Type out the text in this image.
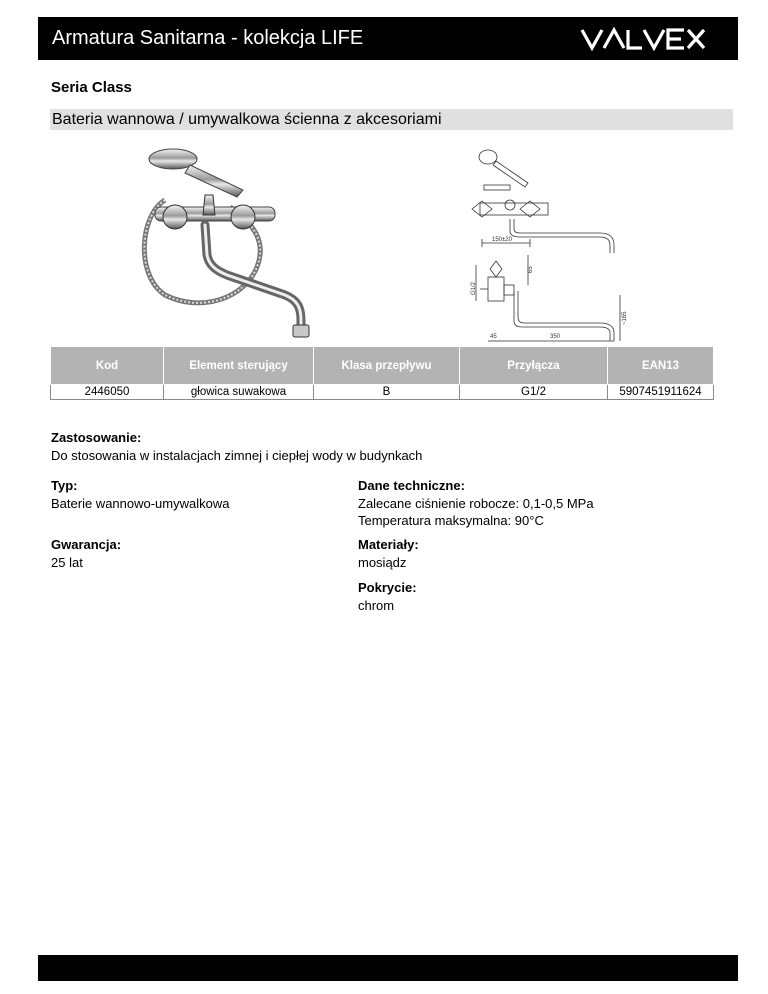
Armatura Sanitarna - kolekcja LIFE	VALVEX
Seria Class
Bateria wannowa / umywalkowa ścienna z akcesoriami
150±20
65
G1/2
~165
45	350
Kod	Element sterujący	Klasa przepływu	Przyłącza	EAN13
2446050	głowica suwakowa	B	G1/2	5907451911624
Zastosowanie:
Do stosowania w instalacjach zimnej i ciepłej wody w budynkach
Typ:
Baterie wannowo-umywalkowa
Gwarancja:
25 lat
Dane techniczne:
Zalecane ciśnienie robocze: 0,1-0,5 MPa
Temperatura maksymalna: 90°C
Materiały:
mosiądz
Pokrycie:
chrom
